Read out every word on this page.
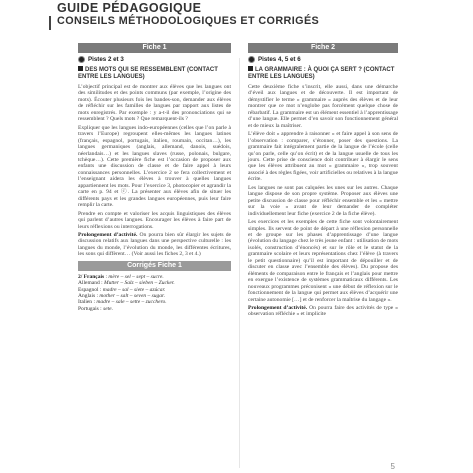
GUIDE PÉDAGOGIQUE
CONSEILS MÉTHODOLOGIQUES ET CORRIGÉS
Fiche 1
Pistes 2 et 3
DES MOTS QUI SE RESSEMBLENT (CONTACT ENTRE LES LANGUES)

L’objectif principal est de montrer aux élèves que les langues ont des similitudes et des points communs (par exemple, l’origine des mots). Écouter plusieurs fois les bandes-son, demander aux élèves de réfléchir sur les familles de langues par rapport aux listes de mots enregistrés. Par exemple : y a-t-il des prononciations qui se ressemblent ? Quels mots ? Que remarquent-ils ?

Expliquer que les langues indo-européennes (celles que l’on parle à travers l’Europe) regroupent elles-mêmes les langues latines (français, espagnol, portugais, italien, roumain, occitan…), les langues germaniques (anglais, allemand, danois, suédois, néerlandais…) et les langues slaves (russe, polonais, bulgare, tchèque…). Cette première fiche est l’occasion de proposer aux enfants une discussion de classe et de faire appel à leurs connaissances personnelles. L’exercice 2 se fera collectivement et l’enseignant aidera les élèves à trouver à quelles langues appartiennent les mots. Pour l’exercice 3, photocopier et agrandir la carte en p. 94 et ⓒ. La présenter aux élèves afin de situer les différents pays et les grandes langues européennes, puis leur faire remplir la carte.

Prendre en compte et valoriser les acquis linguistiques des élèves qui parlent d’autres langues. Encourager les élèves à faire part de leurs réflexions ou interrogations.

Prolongement d’activité. On pourra bien sûr élargir les sujets de discussion relatifs aux langues dans une perspective culturelle : les langues du monde, l’évolution du monde, les différentes écritures, les sons qui diffèrent… (Voir aussi les fiches 2, 3 et 4.)

Corrigés Fiche 1
2/ Français : mère – sel – sept – sucre.
Allemand : Mutter – Salz – sieben – Zucker.
Espagnol : madre – sal – siete – azúcar.
Anglais : mother – salt – seven – sugar.
Italien : madre – sale – sette – zucchero.
Portugais : sete.
Fiche 2
Pistes 4, 5 et 6
LA GRAMMAIRE : À QUOI ÇA SERT ? (CONTACT ENTRE LES LANGUES)

Cette deuxième fiche s’inscrit, elle aussi, dans une démarche d’éveil aux langues et de découverte. Il est important de démystifier le terme « grammaire » auprès des élèves et de leur montrer que ce mot n’englobe pas forcément quelque chose de rébarbatif. La grammaire est un élément essentiel à l’apprentissage d’une langue. Elle permet d’en savoir son fonctionnement général et de mieux la maîtriser.

L’élève doit « apprendre à raisonner » et faire appel à son sens de l’observation : comparer, s’étonner, poser des questions. La grammaire fait intégralement partie de la langue de l’école (celle qu’on parle, celle qu’on écrit) et de la langue usuelle de tous les jours. Cette prise de conscience doit contribuer à élargir le sens que les élèves attribuent au mot « grammaire », trop souvent associé à des règles figées, voir artificielles ou relatives à la langue écrite.

Les langues ne sont pas calquées les unes sur les autres. Chaque langue dispose de son propre système. Proposer aux élèves une petite discussion de classe pour réfléchir ensemble et les « mettre sur la voie » avant de leur demander de compléter individuellement leur fiche (exercice 2 de la fiche élève).

Les exercices et les exemples de cette fiche sont volontairement simples. Ils servent de point de départ à une réflexion personnelle et de groupe sur les phases d’apprentissage d’une langue (évolution du langage chez le très jeune enfant : utilisation de mots isolés, construction d’énoncés) et sur le rôle et le statut de la grammaire scolaire et leurs représentations chez l’élève (à travers le petit questionnaire) qu’il est important de dépouiller et de discuter en classe avec l’ensemble des élèves). Du propose des éléments de comparaison entre le français et l’anglais pour mettre en exergue l’existence de systèmes grammaticaux différents. Les nouveaux programmes préconisent « une début de réflexion sur le fonctionnement de la langue qui permet aux élèves d’acquérir une certaine autonomie […] et de renforcer la maîtrise du langage ».

Prolongement d’activité. On pourra faire des activités de type « observation réfléchie » et implicite

5
